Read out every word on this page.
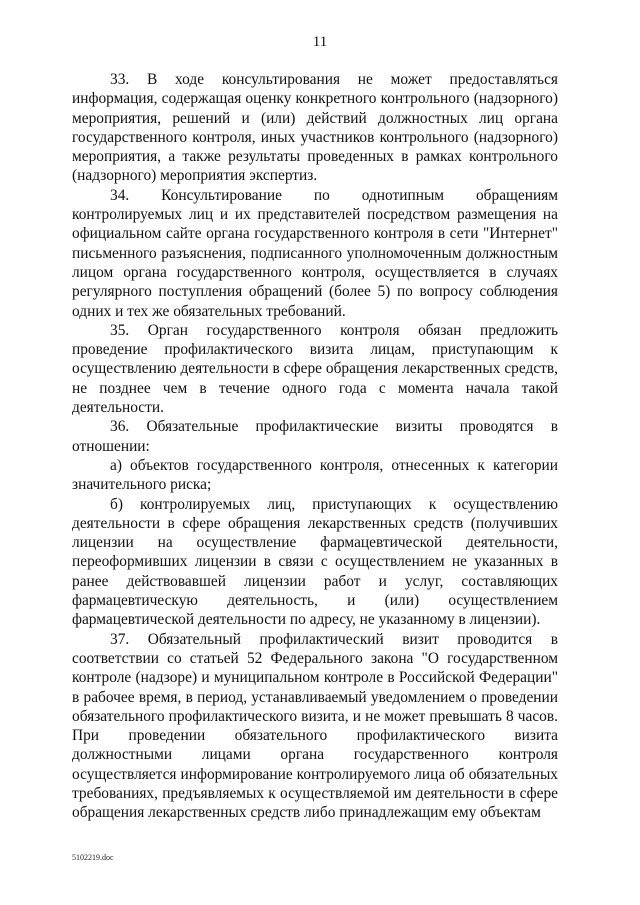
11

33. В ходе консультирования не может предоставляться информация, содержащая оценку конкретного контрольного (надзорного) мероприятия, решений и (или) действий должностных лиц органа государственного контроля, иных участников контрольного (надзорного) мероприятия, а также результаты проведенных в рамках контрольного (надзорного) мероприятия экспертиз.

34. Консультирование по однотипным обращениям контролируемых лиц и их представителей посредством размещения на официальном сайте органа государственного контроля в сети "Интернет" письменного разъяснения, подписанного уполномоченным должностным лицом органа государственного контроля, осуществляется в случаях регулярного поступления обращений (более 5) по вопросу соблюдения одних и тех же обязательных требований.

35. Орган государственного контроля обязан предложить проведение профилактического визита лицам, приступающим к осуществлению деятельности в сфере обращения лекарственных средств, не позднее чем в течение одного года с момента начала такой деятельности.

36. Обязательные профилактические визиты проводятся в отношении:

а) объектов государственного контроля, отнесенных к категории значительного риска;

б) контролируемых лиц, приступающих к осуществлению деятельности в сфере обращения лекарственных средств (получивших лицензии на осуществление фармацевтической деятельности, переоформивших лицензии в связи с осуществлением не указанных в ранее действовавшей лицензии работ и услуг, составляющих фармацевтическую деятельность, и (или) осуществлением фармацевтической деятельности по адресу, не указанному в лицензии).

37. Обязательный профилактический визит проводится в соответствии со статьей 52 Федерального закона "О государственном контроле (надзоре) и муниципальном контроле в Российской Федерации" в рабочее время, в период, устанавливаемый уведомлением о проведении обязательного профилактического визита, и не может превышать 8 часов. При проведении обязательного профилактического визита должностными лицами органа государственного контроля осуществляется информирование контролируемого лица об обязательных требованиях, предъявляемых к осуществляемой им деятельности в сфере обращения лекарственных средств либо принадлежащим ему объектам

5102219.doc
